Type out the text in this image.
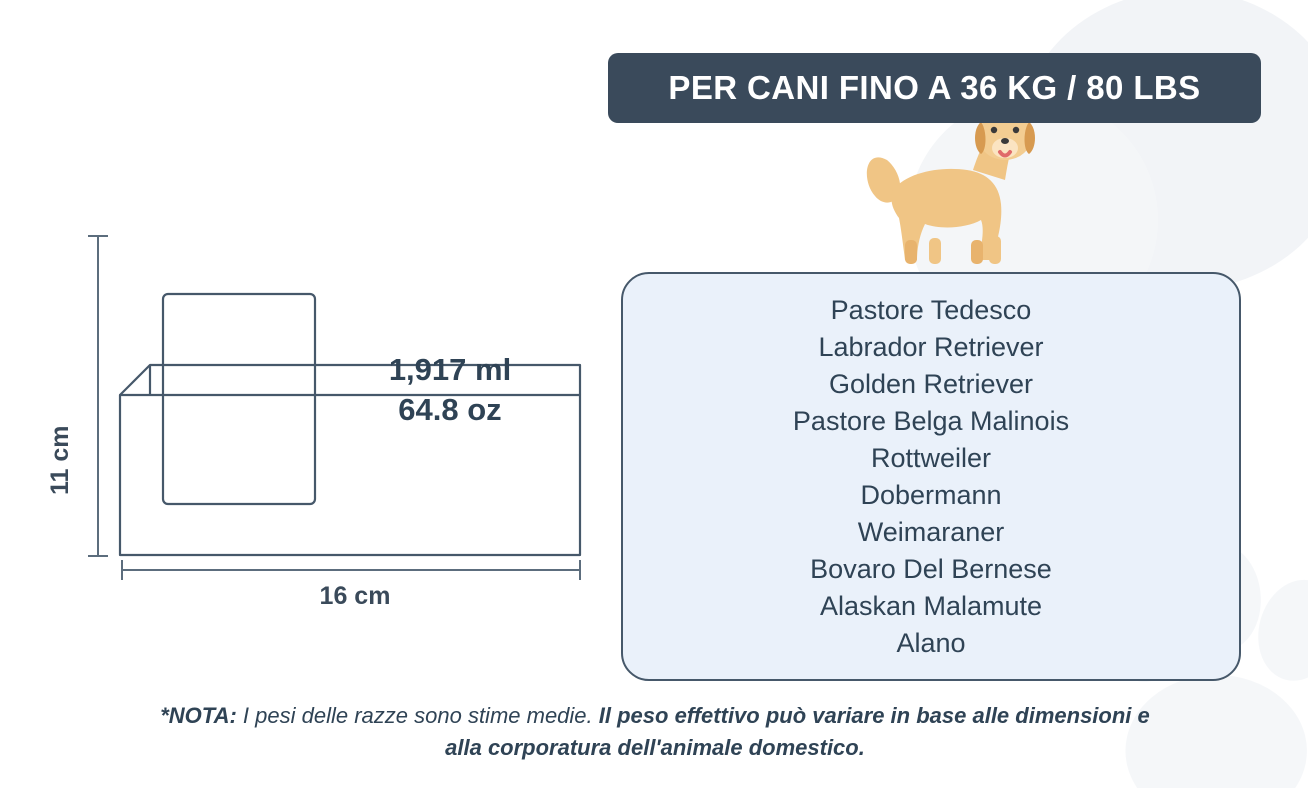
1,917 ml
64.8 oz
11 cm
16 cm
PER CANI FINO A 36 KG / 80 LBS
Pastore Tedesco
Labrador Retriever
Golden Retriever
Pastore Belga Malinois
Rottweiler
Dobermann
Weimaraner
Bovaro Del Bernese
Alaskan Malamute
Alano
*NOTA: I pesi delle razze sono stime medie. Il peso effettivo può variare in base alle dimensioni e alla corporatura dell'animale domestico.
